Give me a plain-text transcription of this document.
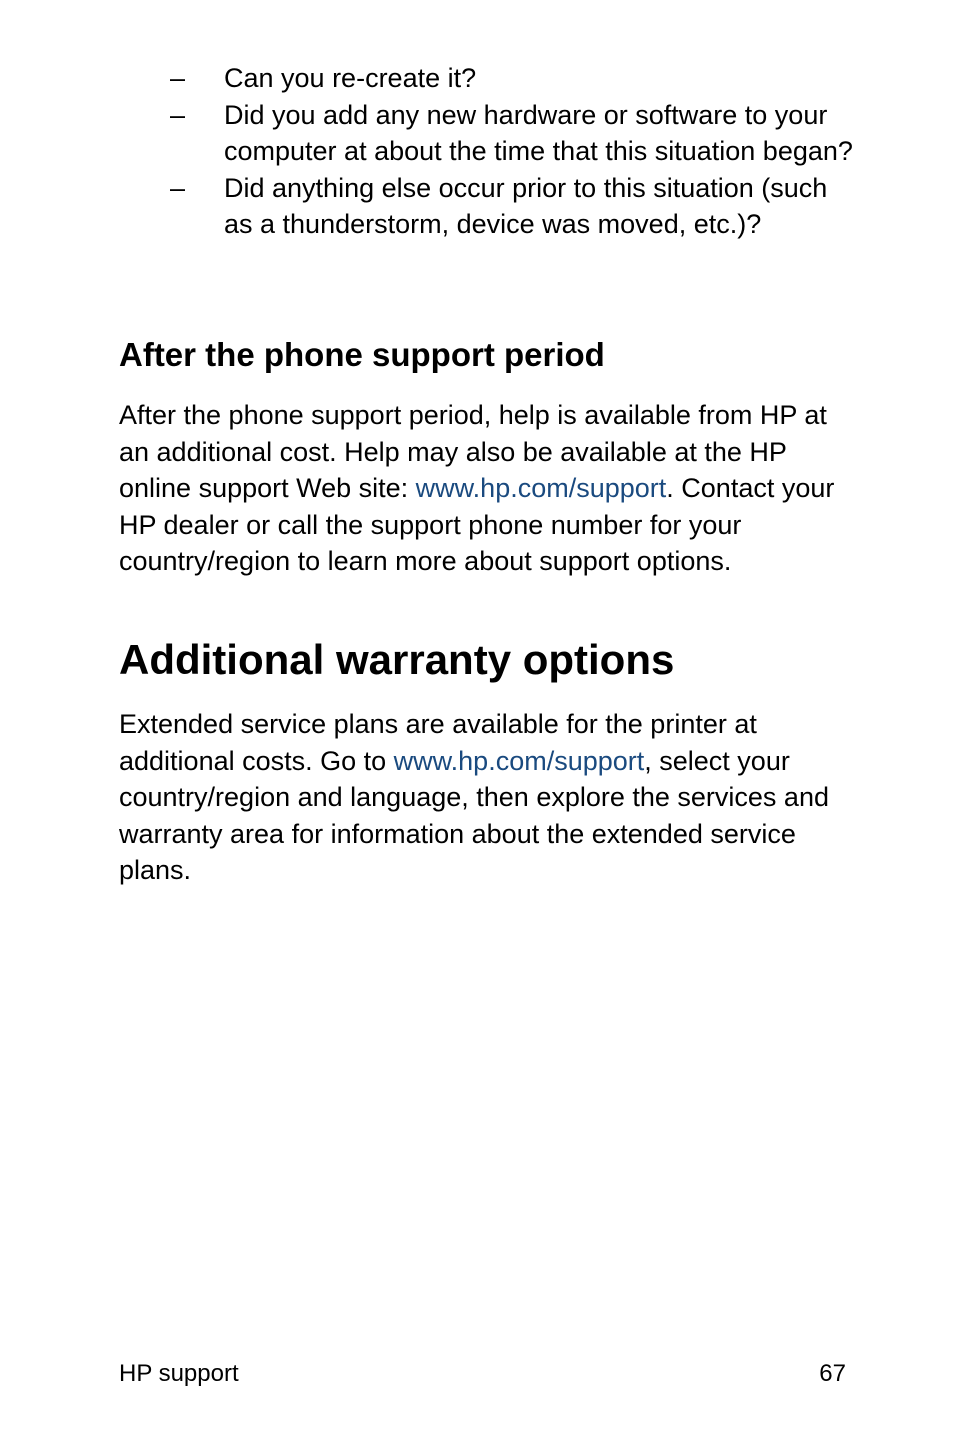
–	Can you re-create it?
–	Did you add any new hardware or software to your computer at about the time that this situation began?
–	Did anything else occur prior to this situation (such as a thunderstorm, device was moved, etc.)?
After the phone support period

After the phone support period, help is available from HP at an additional cost. Help may also be available at the HP online support Web site: www.hp.com/support. Contact your HP dealer or call the support phone number for your country/region to learn more about support options.

Additional warranty options

Extended service plans are available for the printer at additional costs. Go to www.hp.com/support, select your country/region and language, then explore the services and warranty area for information about the extended service plans.

HP support	67
